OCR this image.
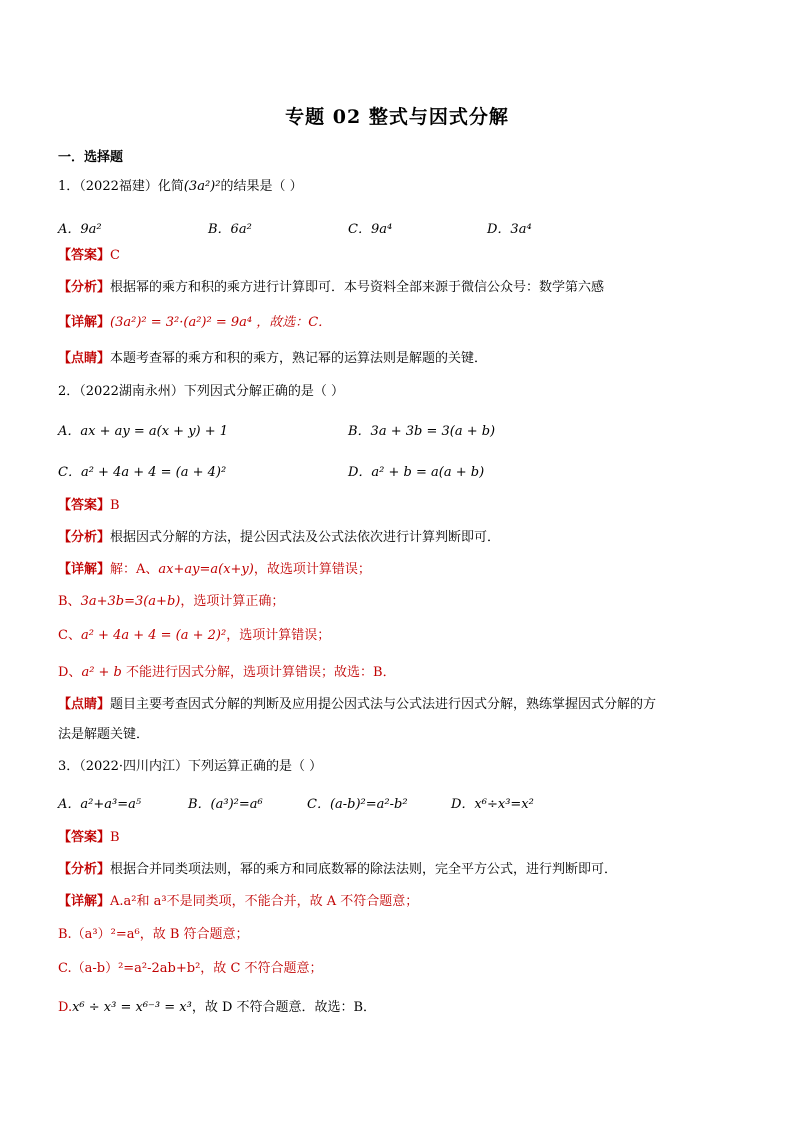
专题 02 整式与因式分解
一．选择题
1．（2022福建）化简(3a²)²的结果是（ ）
A．9a²	B．6a²	C．9a⁴	D．3a⁴
【答案】C
【分析】根据幂的乘方和积的乘方进行计算即可．本号资料全部来源于微信公众号：数学第六感
【详解】(3a²)² = 3²·(a²)² = 9a⁴ ，故选：C．
【点睛】本题考查幂的乘方和积的乘方，熟记幂的运算法则是解题的关键．
2．（2022湖南永州）下列因式分解正确的是（ ）
A．ax + ay = a(x + y) + 1	B．3a + 3b = 3(a + b)
C．a² + 4a + 4 = (a + 4)²	D．a² + b = a(a + b)
【答案】B
【分析】根据因式分解的方法，提公因式法及公式法依次进行计算判断即可．
【详解】解：A、ax+ay=a(x+y)，故选项计算错误；
B、3a+3b=3(a+b)，选项计算正确；
C、a² + 4a + 4 = (a + 2)²，选项计算错误；
D、a² + b 不能进行因式分解，选项计算错误；故选：B．
【点睛】题目主要考查因式分解的判断及应用提公因式法与公式法进行因式分解，熟练掌握因式分解的方
法是解题关键．
3．（2022·四川内江）下列运算正确的是（ ）
A．a²+a³=a⁵	B．(a³)²=a⁶	C．(a-b)²=a²-b²	D．x⁶÷x³=x²
【答案】B
【分析】根据合并同类项法则，幂的乘方和同底数幂的除法法则，完全平方公式，进行判断即可．
【详解】A.a²和 a³不是同类项，不能合并，故 A 不符合题意；
B.（a³）²=a⁶，故 B 符合题意；
C.（a-b）²=a²-2ab+b²，故 C 不符合题意；
D.x⁶ ÷ x³ = x⁶⁻³ = x³，故 D 不符合题意．故选：B．
